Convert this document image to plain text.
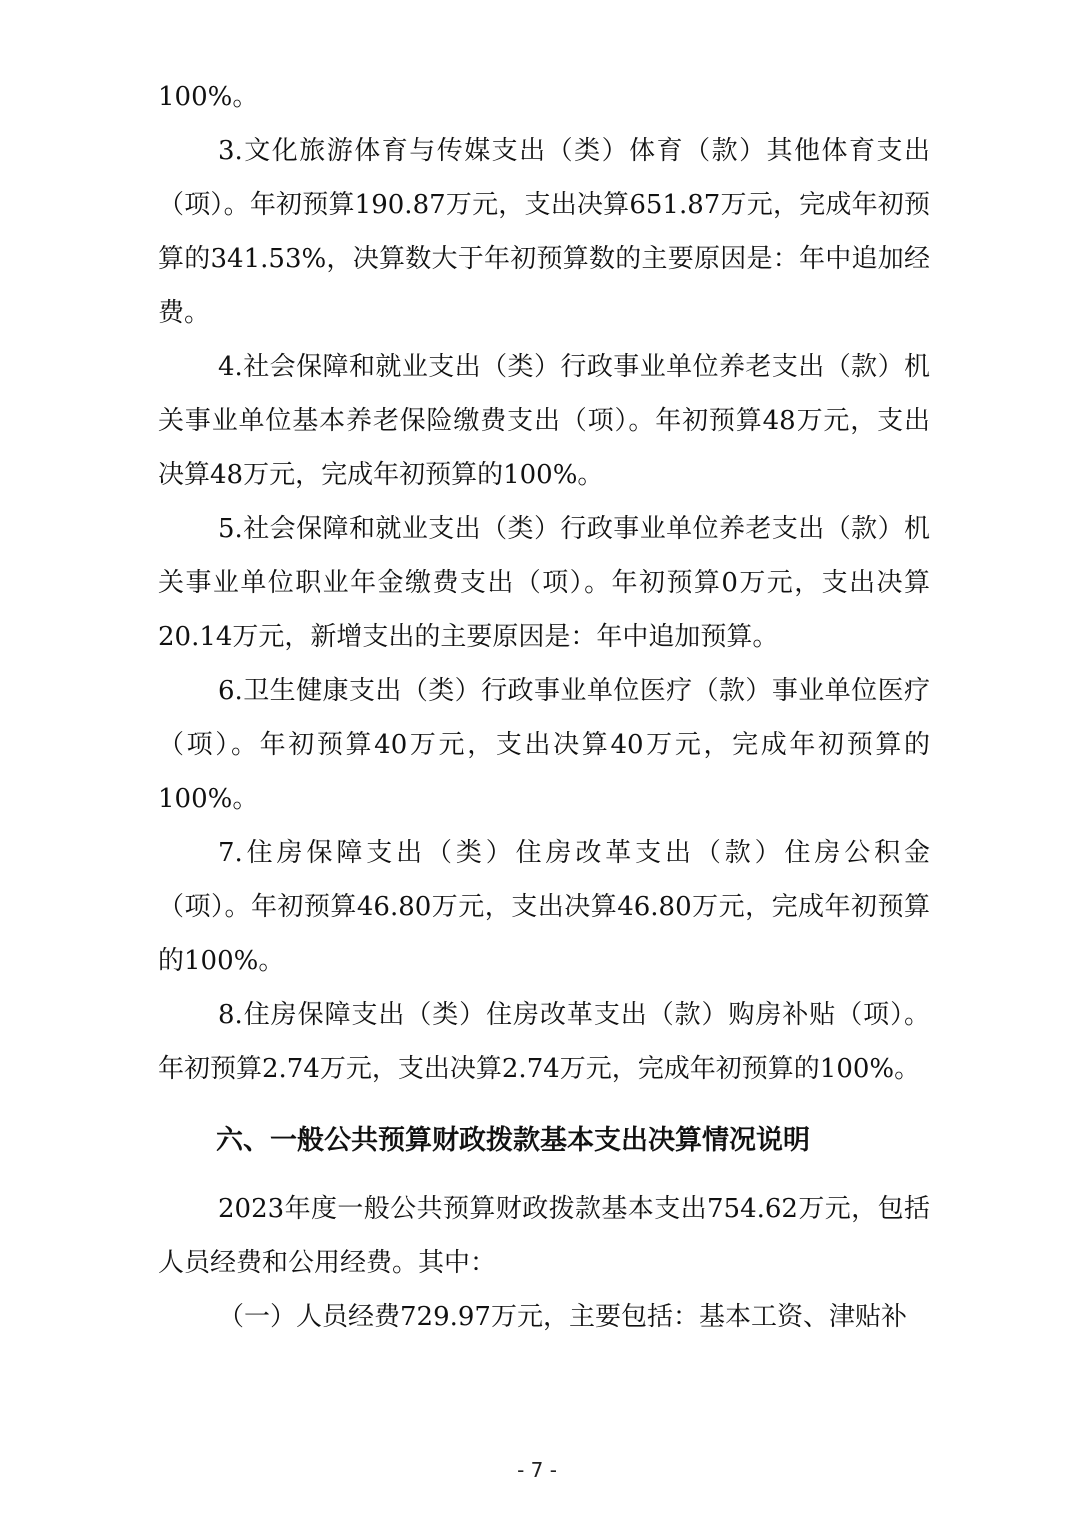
100%。

3.文化旅游体育与传媒支出（类）体育（款）其他体育支出（项）。年初预算190.87万元，支出决算651.87万元，完成年初预算的341.53%，决算数大于年初预算数的主要原因是：年中追加经费。

4.社会保障和就业支出（类）行政事业单位养老支出（款）机关事业单位基本养老保险缴费支出（项）。年初预算48万元，支出决算48万元，完成年初预算的100%。

5.社会保障和就业支出（类）行政事业单位养老支出（款）机关事业单位职业年金缴费支出（项）。年初预算0万元，支出决算20.14万元，新增支出的主要原因是：年中追加预算。

6.卫生健康支出（类）行政事业单位医疗（款）事业单位医疗（项）。年初预算40万元，支出决算40万元，完成年初预算的100%。

7.住房保障支出（类）住房改革支出（款）住房公积金（项）。年初预算46.80万元，支出决算46.80万元，完成年初预算的100%。

8.住房保障支出（类）住房改革支出（款）购房补贴（项）。年初预算2.74万元，支出决算2.74万元，完成年初预算的100%。

六、一般公共预算财政拨款基本支出决算情况说明

2023年度一般公共预算财政拨款基本支出754.62万元，包括人员经费和公用经费。其中：

（一）人员经费729.97万元，主要包括：基本工资、津贴补

- 7 -
